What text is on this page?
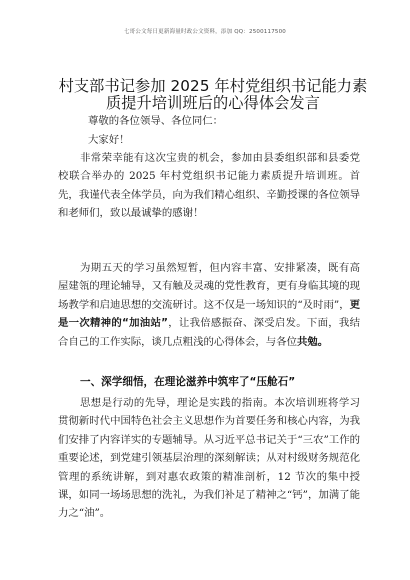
七哥公文每日更新海量时政公文资料，添加 QQ：2500117500
村支部书记参加 2025 年村党组织书记能力素质提升培训班后的心得体会发言
尊敬的各位领导、各位同仁：
大家好！
非常荣幸能有这次宝贵的机会，参加由县委组织部和县委党校联合举办的 2025 年村党组织书记能力素质提升培训班。首先，我谨代表全体学员，向为我们精心组织、辛勤授课的各位领导和老师们，致以最诚挚的感谢！
为期五天的学习虽然短暂，但内容丰富、安排紧凑，既有高屋建瓴的理论辅导，又有触及灵魂的党性教育，更有身临其境的现场教学和启迪思想的交流研讨。这不仅是一场知识的“及时雨”，更是一次精神的“加油站”，让我倍感振奋、深受启发。下面，我结合自己的工作实际，谈几点粗浅的心得体会，与各位共勉。
一、深学细悟，在理论滋养中筑牢了“压舱石”
思想是行动的先导，理论是实践的指南。本次培训班将学习贯彻新时代中国特色社会主义思想作为首要任务和核心内容，为我们安排了内容详实的专题辅导。从习近平总书记关于“三农”工作的重要论述，到党建引领基层治理的深刻解读；从对村级财务规范化管理的系统讲解，到对惠农政策的精准剖析，12 节次的集中授课，如同一场场思想的洗礼，为我们补足了精神之“钙”，加满了能力之“油”。
